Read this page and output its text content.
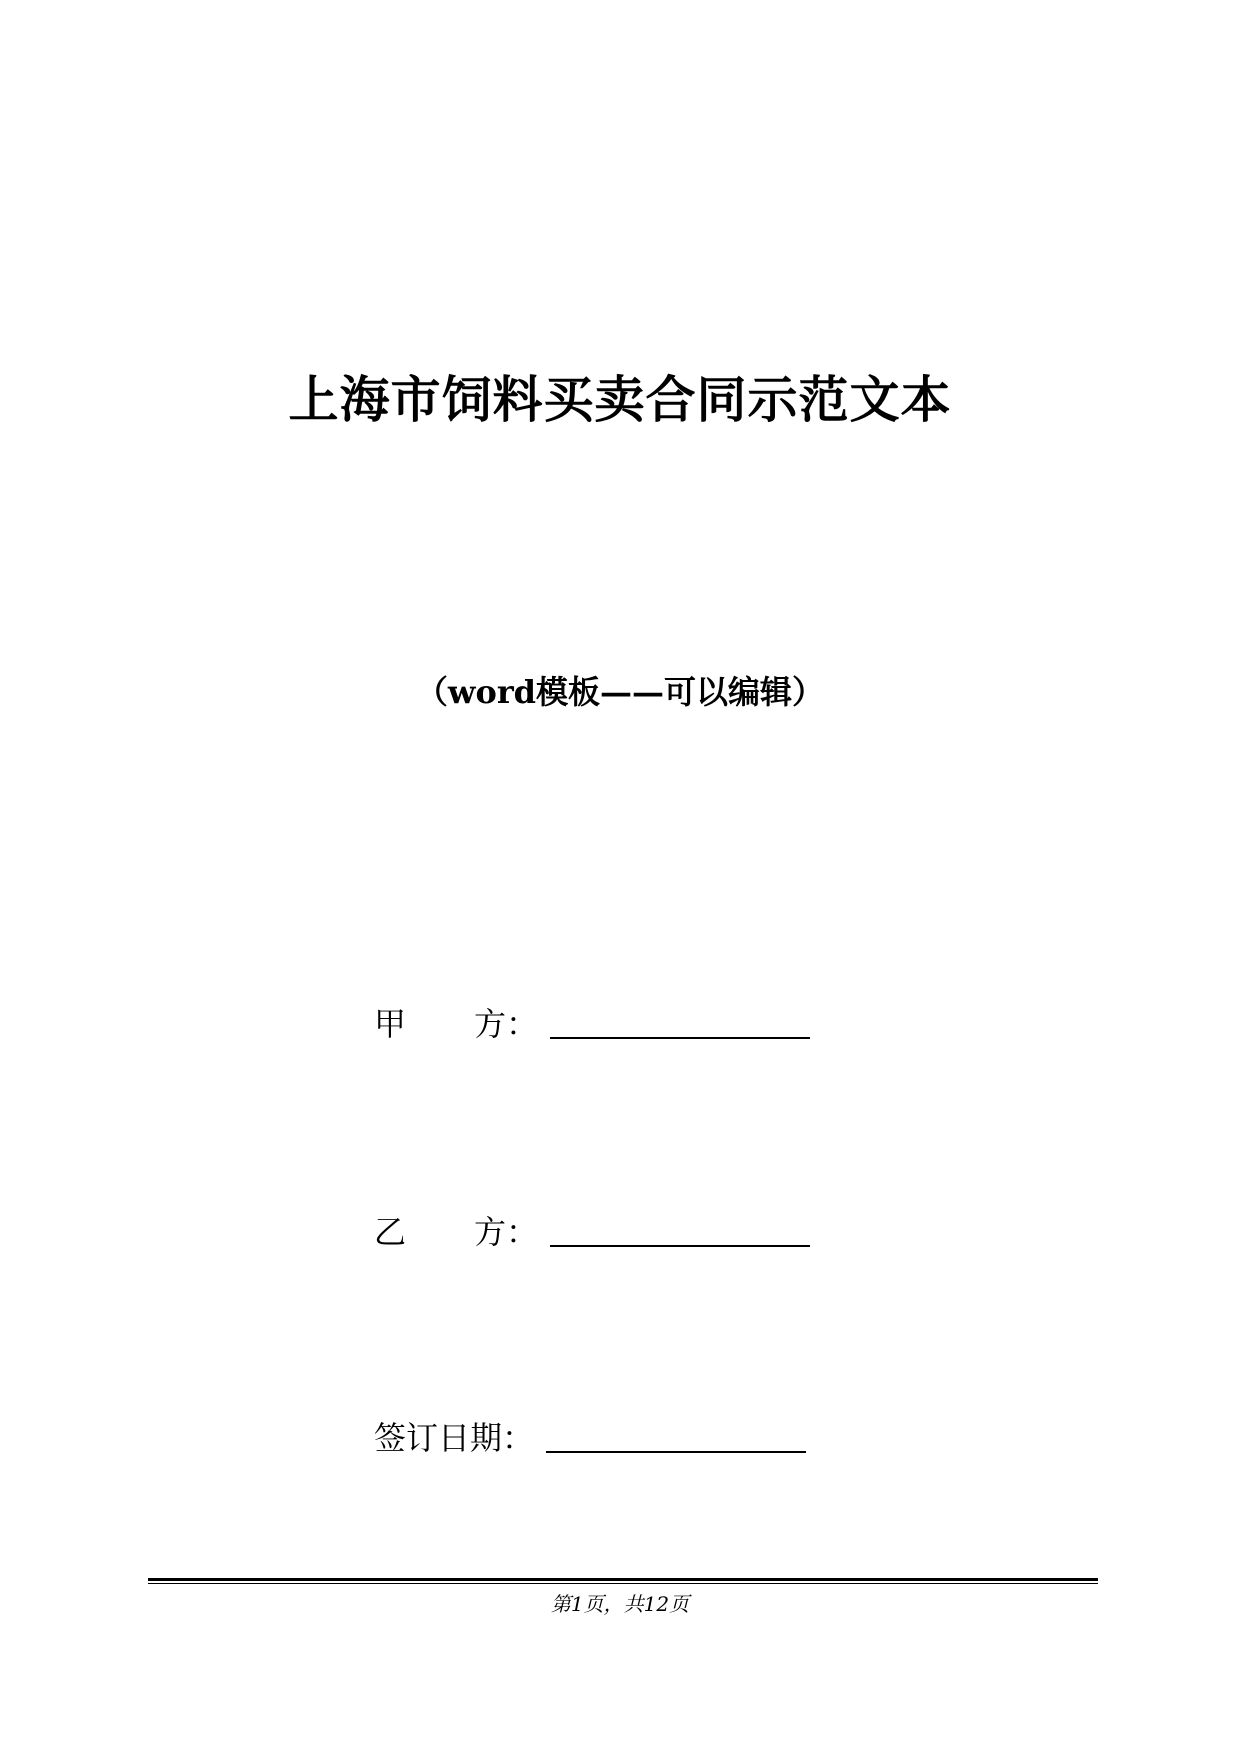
上海市饲料买卖合同示范文本
（word模板——可以编辑）
甲	方 ：
乙	方 ：
签订日期 ：
第1页，共12页
